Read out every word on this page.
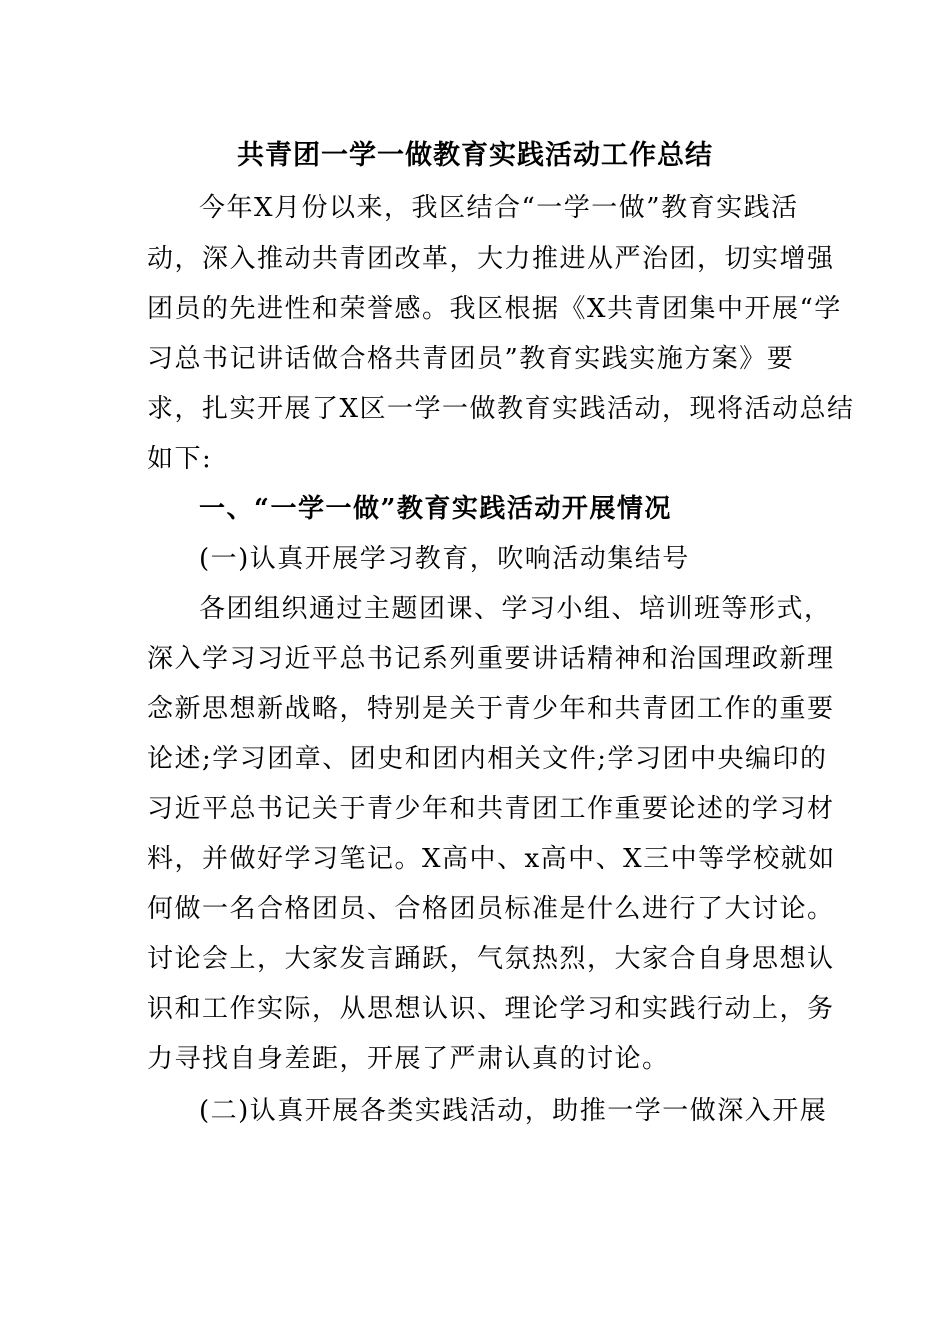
共青团一学一做教育实践活动工作总结
今年X月份以来，我区结合“一学一做”教育实践活
动，深入推动共青团改革，大力推进从严治团，切实增强
团员的先进性和荣誉感。我区根据《X共青团集中开展“学
习总书记讲话做合格共青团员”教育实践实施方案》要
求，扎实开展了X区一学一做教育实践活动，现将活动总结
如下:
一、“一学一做”教育实践活动开展情况
(一)认真开展学习教育，吹响活动集结号
各团组织通过主题团课、学习小组、培训班等形式，
深入学习习近平总书记系列重要讲话精神和治国理政新理
念新思想新战略，特别是关于青少年和共青团工作的重要
论述;学习团章、团史和团内相关文件;学习团中央编印的
习近平总书记关于青少年和共青团工作重要论述的学习材
料，并做好学习笔记。X高中、x高中、X三中等学校就如
何做一名合格团员、合格团员标准是什么进行了大讨论。
讨论会上，大家发言踊跃，气氛热烈，大家合自身思想认
识和工作实际，从思想认识、理论学习和实践行动上，务
力寻找自身差距，开展了严肃认真的讨论。
(二)认真开展各类实践活动，助推一学一做深入开展
